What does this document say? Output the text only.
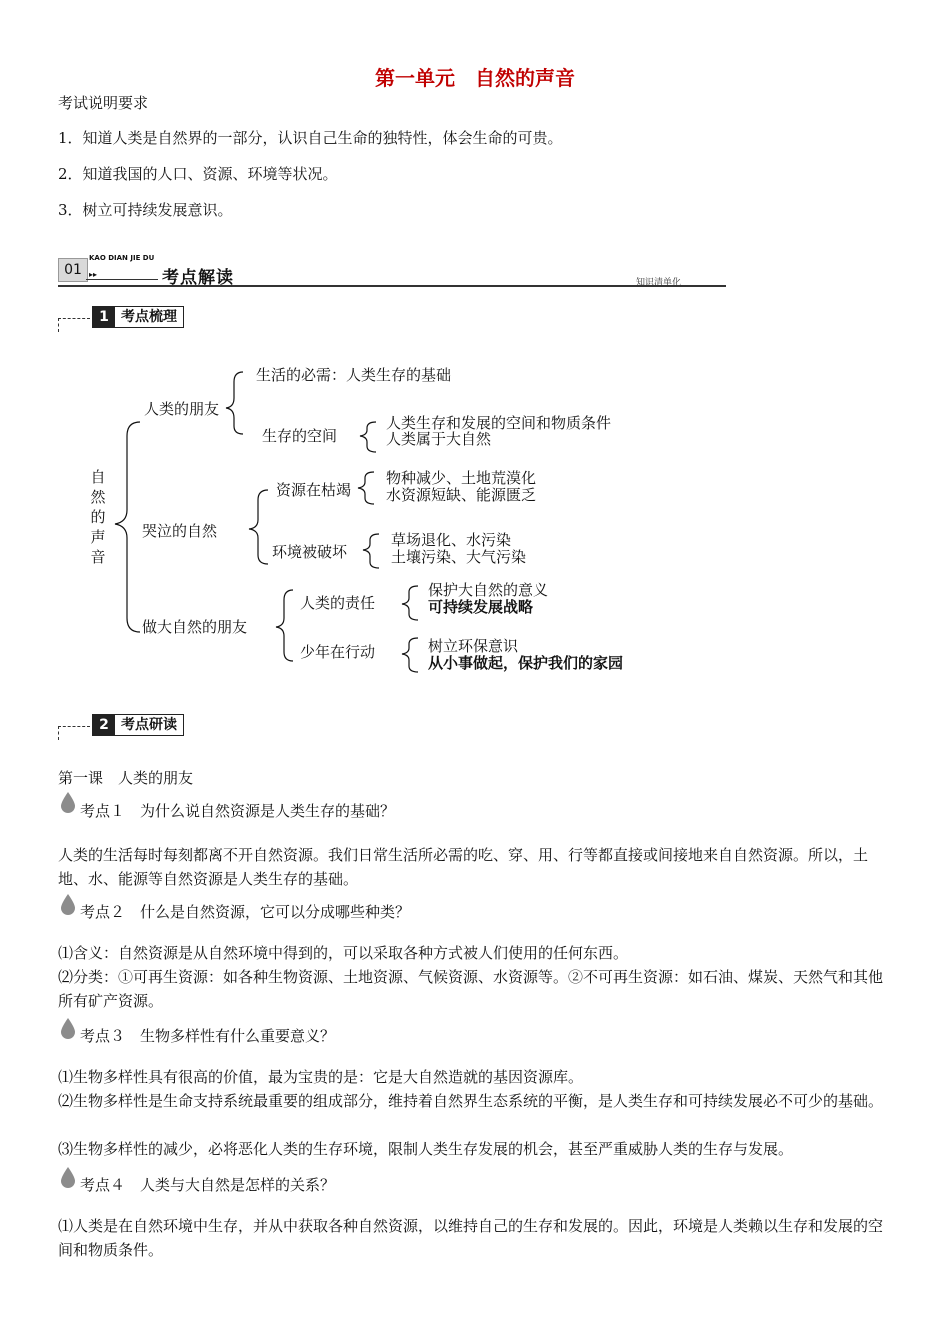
第一单元　自然的声音
考试说明要求
1．知道人类是自然界的一部分，认识自己生命的独特性，体会生命的可贵。
2．知道我国的人口、资源、环境等状况。
3．树立可持续发展意识。
01
KAO DIAN JIE DU
▸▸	考点解读	知识清单化
1 考点梳理
自然的声音
人类的朋友
生活的必需：人类生存的基础
生存的空间
人类生存和发展的空间和物质条件
人类属于大自然
哭泣的自然
资源在枯竭
物种减少、土地荒漠化
水资源短缺、能源匮乏
环境被破坏
草场退化、水污染
土壤污染、大气污染
做大自然的朋友
人类的责任
保护大自然的意义
可持续发展战略
少年在行动	树立环保意识
从小事做起，保护我们的家园
2 考点研读
第一课　人类的朋友
考点１　为什么说自然资源是人类生存的基础？
人类的生活每时每刻都离不开自然资源。我们日常生活所必需的吃、穿、用、行等都直接或间接地来自自然资源。所以，土地、水、能源等自然资源是人类生存的基础。
考点２　什么是自然资源，它可以分成哪些种类？
⑴含义：自然资源是从自然环境中得到的，可以采取各种方式被人们使用的任何东西。
⑵分类：①可再生资源：如各种生物资源、土地资源、气候资源、水资源等。②不可再生资源：如石油、煤炭、天然气和其他所有矿产资源。
考点３　生物多样性有什么重要意义？
⑴生物多样性具有很高的价值，最为宝贵的是：它是大自然造就的基因资源库。
⑵生物多样性是生命支持系统最重要的组成部分，维持着自然界生态系统的平衡，是人类生存和可持续发展必不可少的基础。
⑶生物多样性的减少，必将恶化人类的生存环境，限制人类生存发展的机会，甚至严重威胁人类的生存与发展。
考点４　人类与大自然是怎样的关系？
⑴人类是在自然环境中生存，并从中获取各种自然资源，以维持自己的生存和发展的。因此，环境是人类赖以生存和发展的空间和物质条件。
